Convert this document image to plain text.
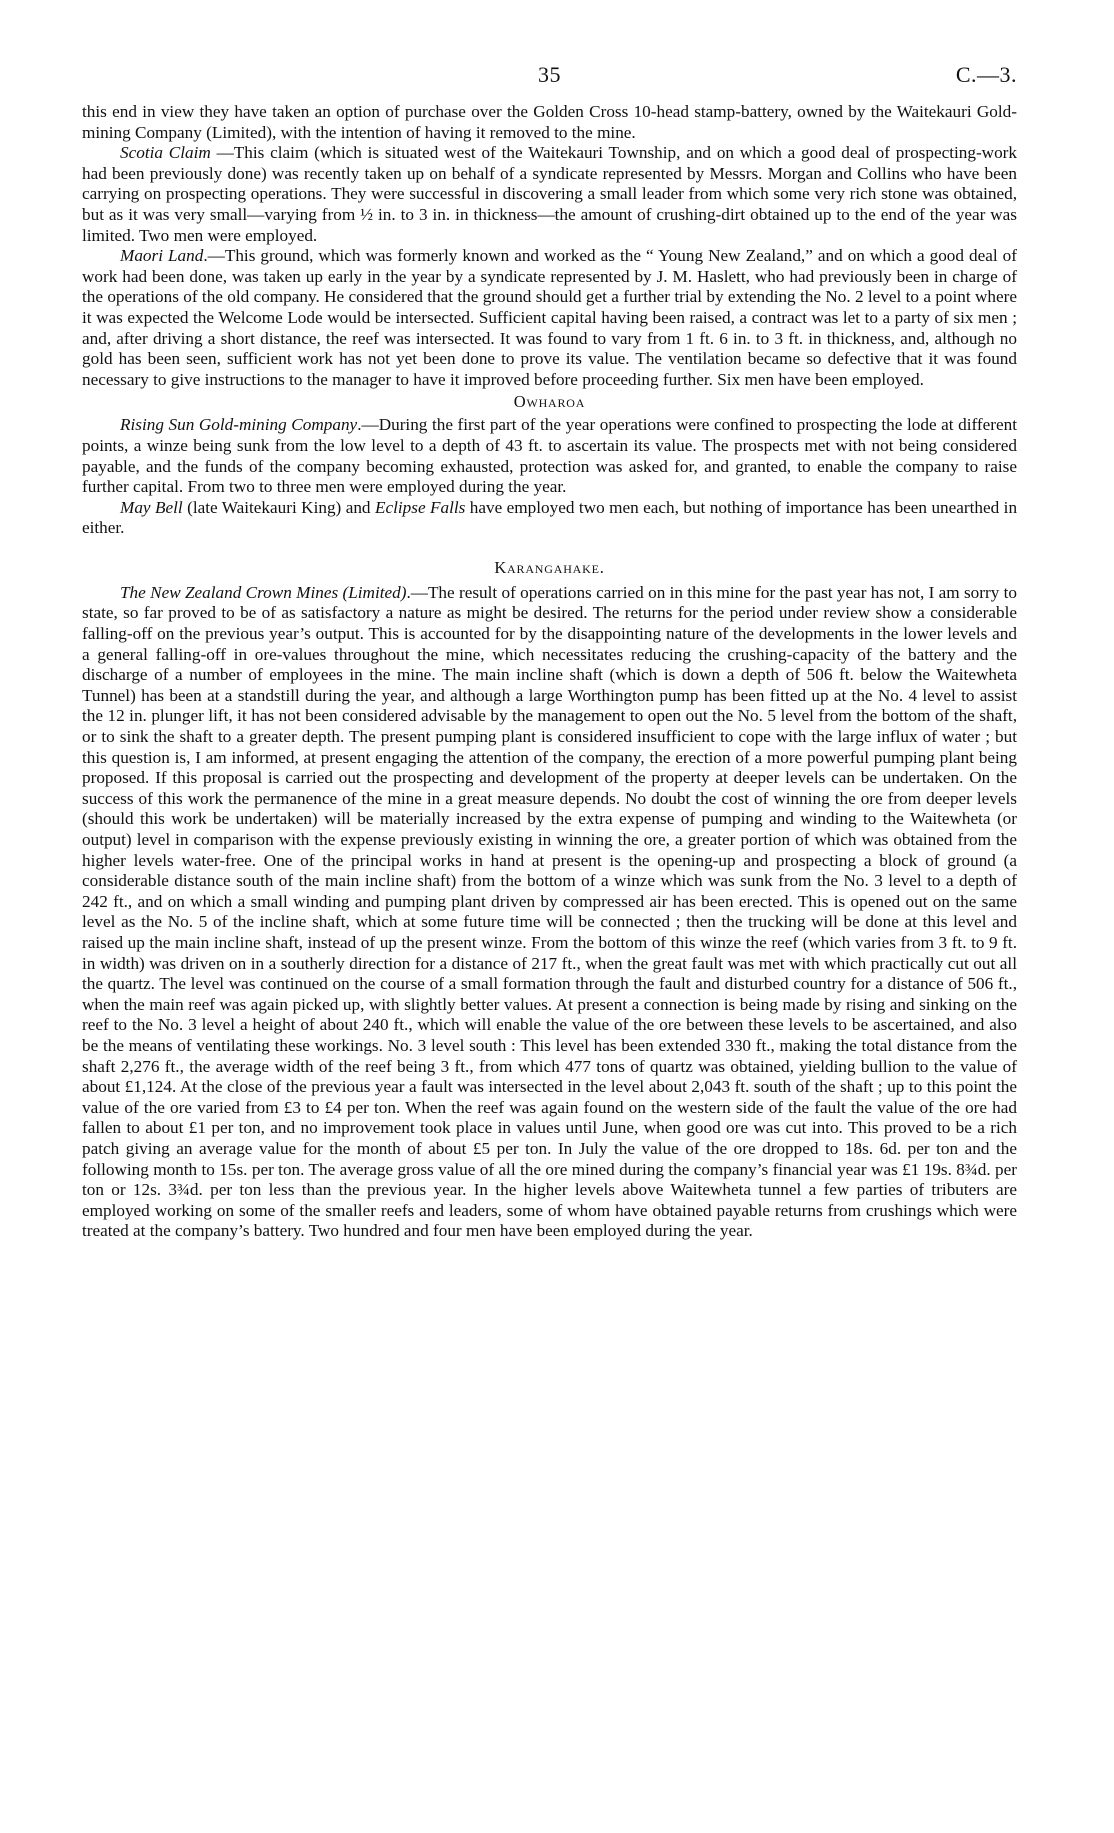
35	C.—3.

this end in view they have taken an option of purchase over the Golden Cross 10-head stamp-battery, owned by the Waitekauri Gold-mining Company (Limited), with the intention of having it removed to the mine.

Scotia Claim —This claim (which is situated west of the Waitekauri Township, and on which a good deal of prospecting-work had been previously done) was recently taken up on behalf of a syndicate represented by Messrs. Morgan and Collins who have been carrying on prospecting operations. They were successful in discovering a small leader from which some very rich stone was obtained, but as it was very small—varying from ½ in. to 3 in. in thickness—the amount of crushing-dirt obtained up to the end of the year was limited. Two men were employed.

Maori Land.—This ground, which was formerly known and worked as the “ Young New Zealand,” and on which a good deal of work had been done, was taken up early in the year by a syndicate represented by J. M. Haslett, who had previously been in charge of the operations of the old company. He considered that the ground should get a further trial by extending the No. 2 level to a point where it was expected the Welcome Lode would be intersected. Sufficient capital having been raised, a contract was let to a party of six men ; and, after driving a short distance, the reef was intersected. It was found to vary from 1 ft. 6 in. to 3 ft. in thickness, and, although no gold has been seen, sufficient work has not yet been done to prove its value. The ventilation became so defective that it was found necessary to give instructions to the manager to have it improved before proceeding further. Six men have been employed.

Owharoa

Rising Sun Gold-mining Company.—During the first part of the year operations were confined to prospecting the lode at different points, a winze being sunk from the low level to a depth of 43 ft. to ascertain its value. The prospects met with not being considered payable, and the funds of the company becoming exhausted, protection was asked for, and granted, to enable the company to raise further capital. From two to three men were employed during the year.

May Bell (late Waitekauri King) and Eclipse Falls have employed two men each, but nothing of importance has been unearthed in either.

Karangahake.

The New Zealand Crown Mines (Limited).—The result of operations carried on in this mine for the past year has not, I am sorry to state, so far proved to be of as satisfactory a nature as might be desired. The returns for the period under review show a considerable falling-off on the previous year’s output. This is accounted for by the disappointing nature of the developments in the lower levels and a general falling-off in ore-values throughout the mine, which necessitates reducing the crushing-capacity of the battery and the discharge of a number of employees in the mine. The main incline shaft (which is down a depth of 506 ft. below the Waitewheta Tunnel) has been at a standstill during the year, and although a large Worthington pump has been fitted up at the No. 4 level to assist the 12 in. plunger lift, it has not been considered advisable by the management to open out the No. 5 level from the bottom of the shaft, or to sink the shaft to a greater depth. The present pumping plant is considered insufficient to cope with the large influx of water ; but this question is, I am informed, at present engaging the attention of the company, the erection of a more powerful pumping plant being proposed. If this proposal is carried out the prospecting and development of the property at deeper levels can be undertaken. On the success of this work the permanence of the mine in a great measure depends. No doubt the cost of winning the ore from deeper levels (should this work be undertaken) will be materially increased by the extra expense of pumping and winding to the Waitewheta (or output) level in comparison with the expense previously existing in winning the ore, a greater portion of which was obtained from the higher levels water-free. One of the principal works in hand at present is the opening-up and prospecting a block of ground (a considerable distance south of the main incline shaft) from the bottom of a winze which was sunk from the No. 3 level to a depth of 242 ft., and on which a small winding and pumping plant driven by compressed air has been erected. This is opened out on the same level as the No. 5 of the incline shaft, which at some future time will be connected ; then the trucking will be done at this level and raised up the main incline shaft, instead of up the present winze. From the bottom of this winze the reef (which varies from 3 ft. to 9 ft. in width) was driven on in a southerly direction for a distance of 217 ft., when the great fault was met with which practically cut out all the quartz. The level was continued on the course of a small formation through the fault and disturbed country for a distance of 506 ft., when the main reef was again picked up, with slightly better values. At present a connection is being made by rising and sinking on the reef to the No. 3 level a height of about 240 ft., which will enable the value of the ore between these levels to be ascertained, and also be the means of ventilating these workings. No. 3 level south : This level has been extended 330 ft., making the total distance from the shaft 2,276 ft., the average width of the reef being 3 ft., from which 477 tons of quartz was obtained, yielding bullion to the value of about £1,124. At the close of the previous year a fault was intersected in the level about 2,043 ft. south of the shaft ; up to this point the value of the ore varied from £3 to £4 per ton. When the reef was again found on the western side of the fault the value of the ore had fallen to about £1 per ton, and no improvement took place in values until June, when good ore was cut into. This proved to be a rich patch giving an average value for the month of about £5 per ton. In July the value of the ore dropped to 18s. 6d. per ton and the following month to 15s. per ton. The average gross value of all the ore mined during the company’s financial year was £1 19s. 8¾d. per ton or 12s. 3¾d. per ton less than the previous year. In the higher levels above Waitewheta tunnel a few parties of tributers are employed working on some of the smaller reefs and leaders, some of whom have obtained payable returns from crushings which were treated at the company’s battery. Two hundred and four men have been employed during the year.
